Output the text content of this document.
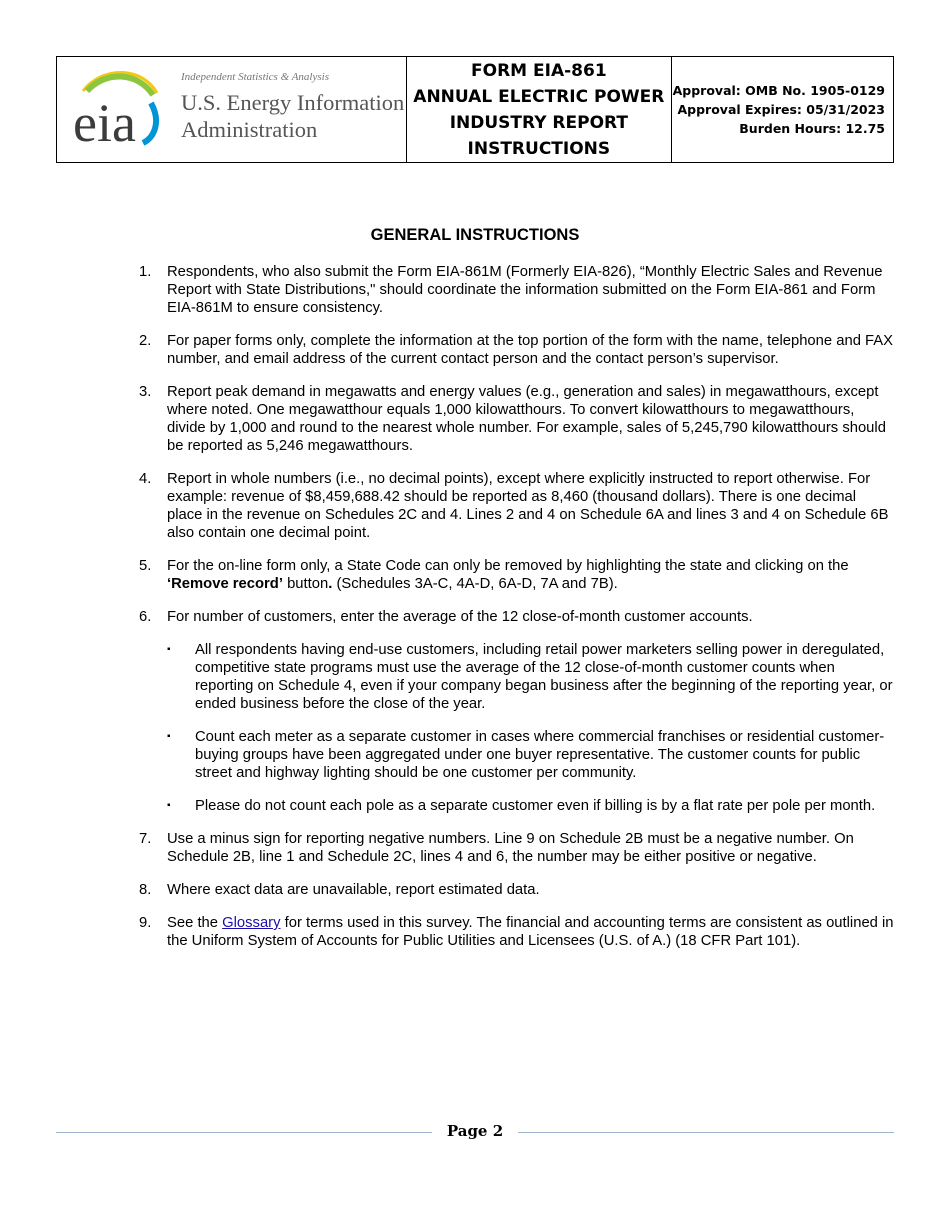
eia
Independent Statistics & Analysis
U.S. Energy Information
Administration
FORM EIA-861
ANNUAL ELECTRIC POWER
INDUSTRY REPORT
INSTRUCTIONS
Approval: OMB No. 1905-0129
Approval Expires: 05/31/2023
Burden Hours: 12.75
GENERAL INSTRUCTIONS
1.	Respondents, who also submit the Form EIA-861M (Formerly EIA-826), “Monthly Electric Sales and Revenue Report with State Distributions," should coordinate the information submitted on the Form EIA-861 and Form EIA-861M to ensure consistency.
2.	For paper forms only, complete the information at the top portion of the form with the name, telephone and FAX number, and email address of the current contact person and the contact person’s supervisor.
3.	Report peak demand in megawatts and energy values (e.g., generation and sales) in megawatthours, except where noted. One megawatthour equals 1,000 kilowatthours. To convert kilowatthours to megawatthours, divide by 1,000 and round to the nearest whole number. For example, sales of 5,245,790 kilowatthours should be reported as 5,246 megawatthours.
4.	Report in whole numbers (i.e., no decimal points), except where explicitly instructed to report otherwise. For example: revenue of $8,459,688.42 should be reported as 8,460 (thousand dollars). There is one decimal place in the revenue on Schedules 2C and 4. Lines 2 and 4 on Schedule 6A and lines 3 and 4 on Schedule 6B also contain one decimal point.
5.	For the on-line form only, a State Code can only be removed by highlighting the state and clicking on the ‘Remove record’ button. (Schedules 3A-C, 4A-D, 6A-D, 7A and 7B).
6.	For number of customers, enter the average of the 12 close-of-month customer accounts.
▪	All respondents having end-use customers, including retail power marketers selling power in deregulated, competitive state programs must use the average of the 12 close-of-month customer counts when reporting on Schedule 4, even if your company began business after the beginning of the reporting year, or ended business before the close of the year.
▪	Count each meter as a separate customer in cases where commercial franchises or residential customer-buying groups have been aggregated under one buyer representative. The customer counts for public street and highway lighting should be one customer per community.
▪	Please do not count each pole as a separate customer even if billing is by a flat rate per pole per month.
7.	Use a minus sign for reporting negative numbers. Line 9 on Schedule 2B must be a negative number. On Schedule 2B, line 1 and Schedule 2C, lines 4 and 6, the number may be either positive or negative.
8.	Where exact data are unavailable, report estimated data.
9.	See the Glossary for terms used in this survey. The financial and accounting terms are consistent as outlined in the Uniform System of Accounts for Public Utilities and Licensees (U.S. of A.) (18 CFR Part 101).
Page 2
